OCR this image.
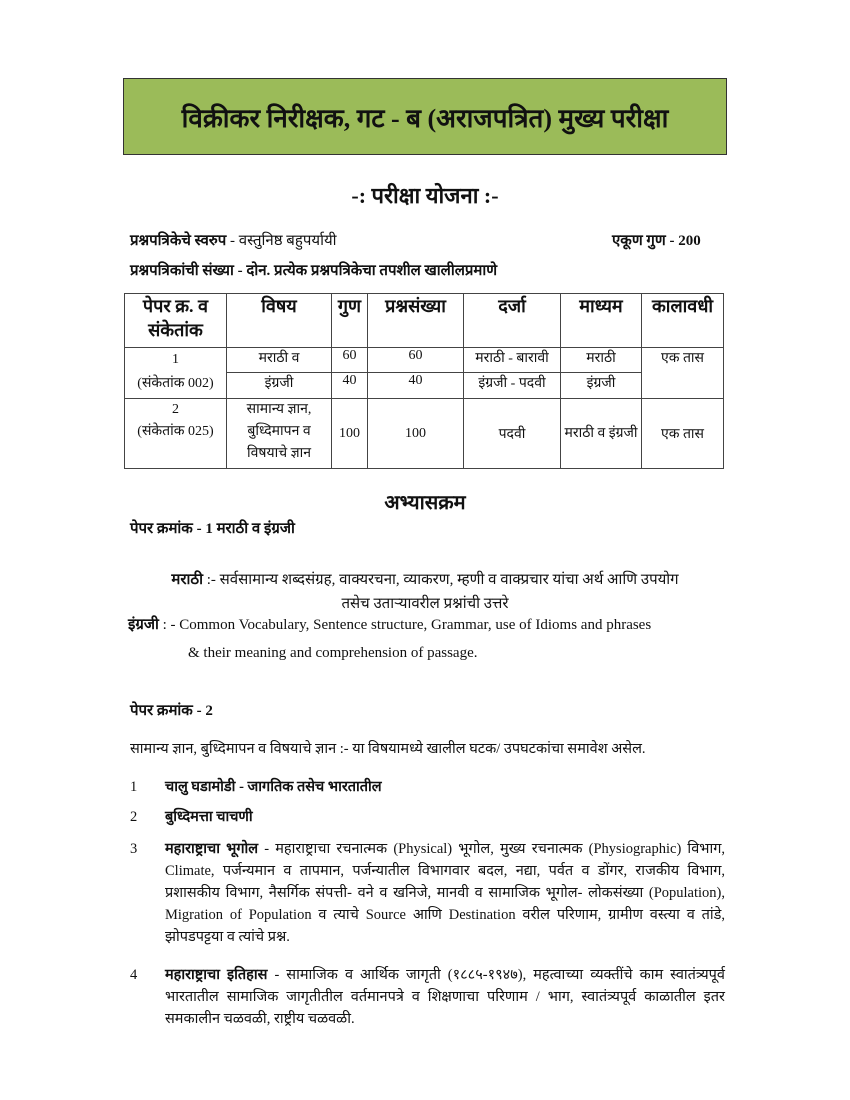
विक्रीकर निरीक्षक, गट - ब (अराजपत्रित) मुख्य परीक्षा
-: परीक्षा योजना :-
प्रश्नपत्रिकेचे स्वरुप - वस्तुनिष्ठ बहुपर्यायी	एकूण गुण - 200
प्रश्नपत्रिकांची संख्या - दोन. प्रत्येक प्रश्नपत्रिकेचा तपशील खालीलप्रमाणे
पेपर क्र. व संकेतांक	विषय	गुण	प्रश्नसंख्या	दर्जा	माध्यम	कालावधी

1
(संकेतांक 002)	मराठी व	60	60	मराठी - बारावी	मराठी	एक तास
	इंग्रजी	40	40	इंग्रजी - पदवी	इंग्रजी	

2
(संकेतांक 025)	सामान्य ज्ञान, बुध्दिमापन व विषयाचे ज्ञान	100	100	पदवी	मराठी व इंग्रजी	एक तास
अभ्यासक्रम
पेपर क्रमांक - 1 मराठी व इंग्रजी
मराठी :- सर्वसामान्य शब्दसंग्रह, वाक्यरचना, व्याकरण, म्हणी व वाक्प्रचार यांचा अर्थ आणि उपयोग
तसेच उताऱ्यावरील प्रश्नांची उत्तरे
इंग्रजी : - Common Vocabulary, Sentence structure, Grammar, use of Idioms and phrases
& their meaning and comprehension of passage.
पेपर क्रमांक - 2
सामान्य ज्ञान, बुध्दिमापन व विषयाचे ज्ञान :- या विषयामध्ये खालील घटक/ उपघटकांचा समावेश असेल.
1 चालु घडामोडी - जागतिक तसेच भारतातील
2 बुध्दिमत्ता चाचणी
3 महाराष्ट्राचा भूगोल - महाराष्ट्राचा रचनात्मक (Physical) भूगोल, मुख्य रचनात्मक (Physiographic) विभाग, Climate, पर्जन्यमान व तापमान, पर्जन्यातील विभागवार बदल, नद्या, पर्वत व डोंगर, राजकीय विभाग, प्रशासकीय विभाग, नैसर्गिक संपत्ती- वने व खनिजे, मानवी व सामाजिक भूगोल- लोकसंख्या (Population), Migration of Population व त्याचे Source आणि Destination वरील परिणाम, ग्रामीण वस्त्या व तांडे, झोपडपट्टया व त्यांचे प्रश्न.
4 महाराष्ट्राचा इतिहास - सामाजिक व आर्थिक जागृती (१८८५-१९४७), महत्वाच्या व्यक्तींचे काम स्वातंत्र्यपूर्व भारतातील सामाजिक जागृतीतील वर्तमानपत्रे व शिक्षणाचा परिणाम / भाग, स्वातंत्र्यपूर्व काळातील इतर समकालीन चळवळी, राष्ट्रीय चळवळी.
